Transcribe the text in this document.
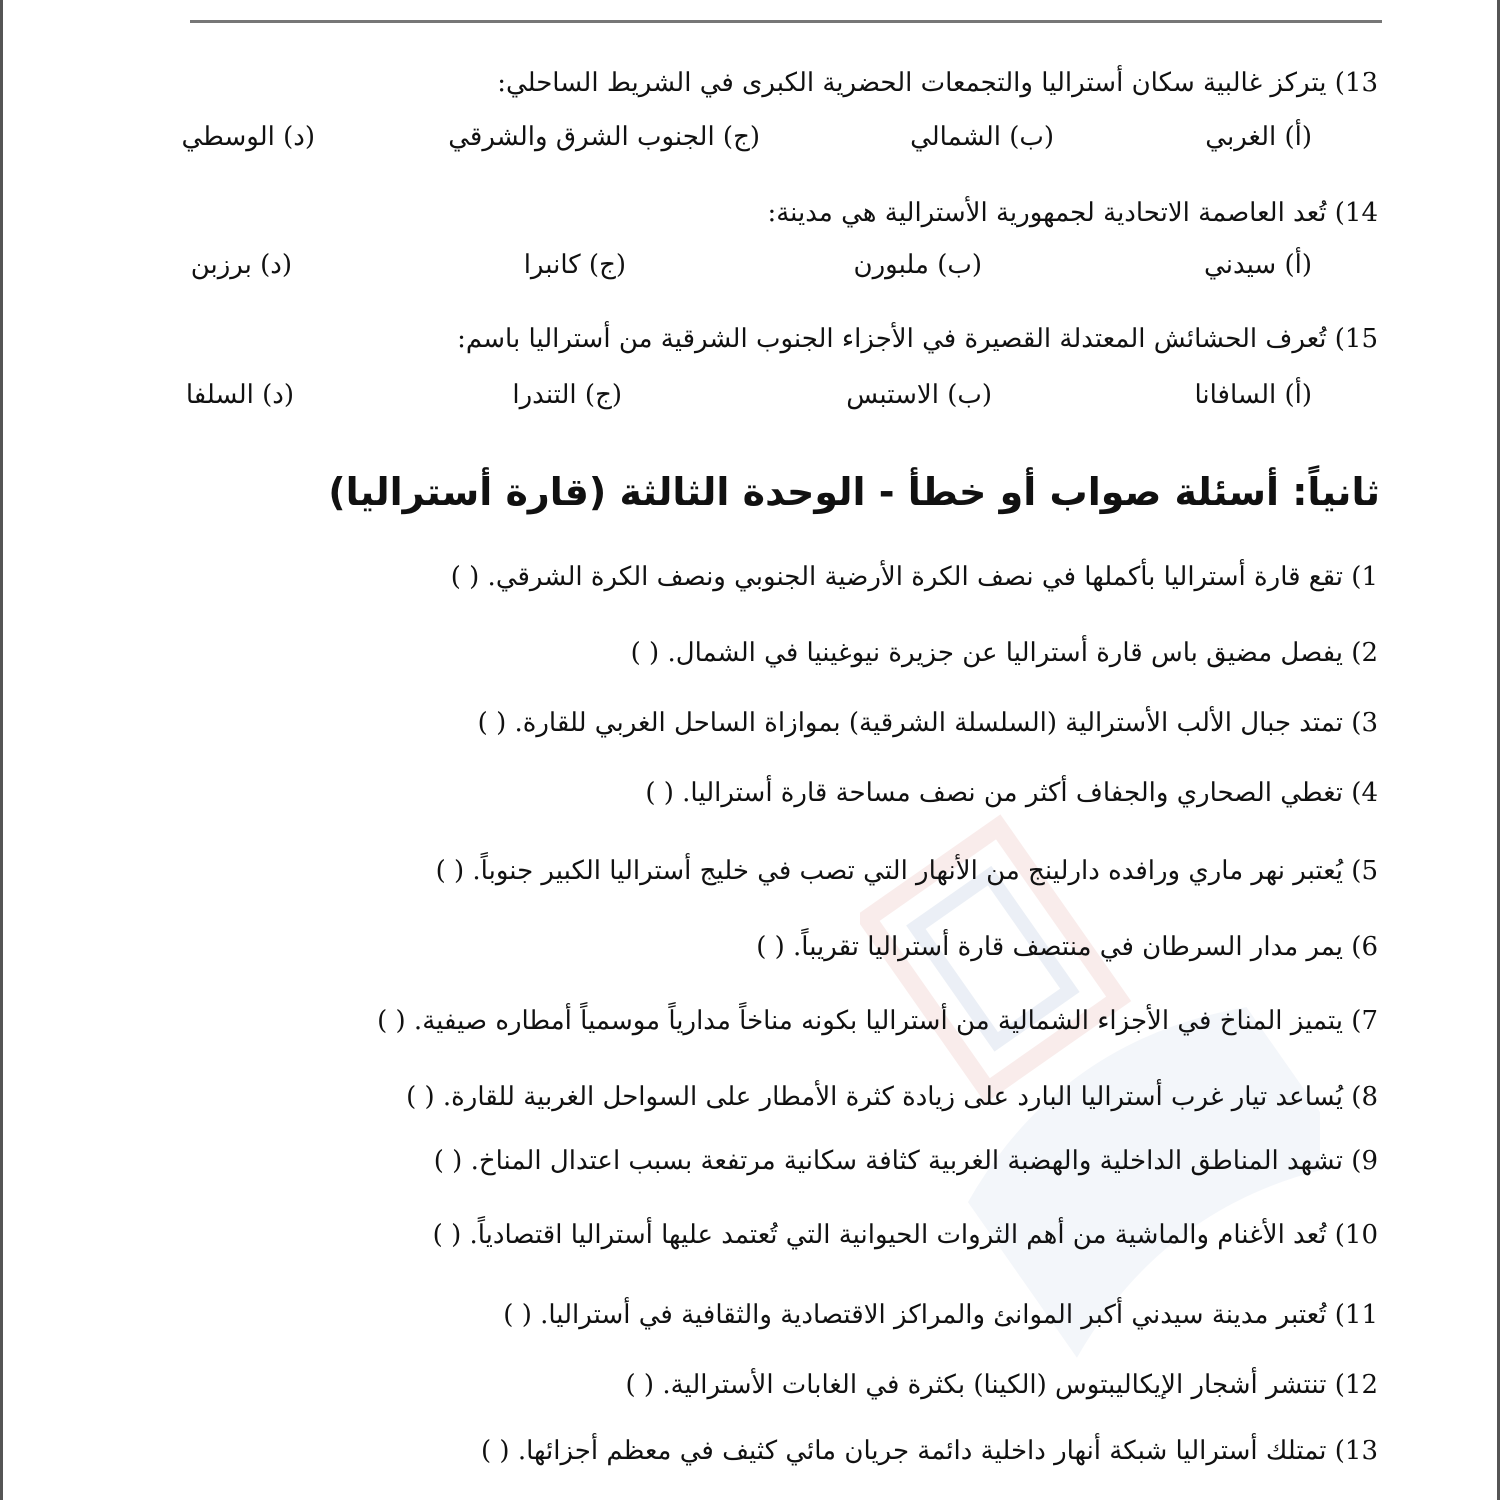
13) يتركز غالبية سكان أستراليا والتجمعات الحضرية الكبرى في الشريط الساحلي:
(أ) الغربي
(ب) الشمالي
(ج) الجنوب الشرق والشرقي
(د) الوسطي
14) تُعد العاصمة الاتحادية لجمهورية الأسترالية هي مدينة:
(أ) سيدني
(ب) ملبورن
(ج) كانبرا
(د) برزبن
15) تُعرف الحشائش المعتدلة القصيرة في الأجزاء الجنوب الشرقية من أستراليا باسم:
(أ) السافانا
(ب) الاستبس
(ج) التندرا
(د) السلفا
ثانياً: أسئلة صواب أو خطأ - الوحدة الثالثة (قارة أستراليا)
1) تقع قارة أستراليا بأكملها في نصف الكرة الأرضية الجنوبي ونصف الكرة الشرقي. ( )
2) يفصل مضيق باس قارة أستراليا عن جزيرة نيوغينيا في الشمال. ( )
3) تمتد جبال الألب الأسترالية (السلسلة الشرقية) بموازاة الساحل الغربي للقارة. ( )
4) تغطي الصحاري والجفاف أكثر من نصف مساحة قارة أستراليا. ( )
5) يُعتبر نهر ماري ورافده دارلينج من الأنهار التي تصب في خليج أستراليا الكبير جنوباً. ( )
6) يمر مدار السرطان في منتصف قارة أستراليا تقريباً. ( )
7) يتميز المناخ في الأجزاء الشمالية من أستراليا بكونه مناخاً مدارياً موسمياً أمطاره صيفية. ( )
8) يُساعد تيار غرب أستراليا البارد على زيادة كثرة الأمطار على السواحل الغربية للقارة. ( )
9) تشهد المناطق الداخلية والهضبة الغربية كثافة سكانية مرتفعة بسبب اعتدال المناخ. ( )
10) تُعد الأغنام والماشية من أهم الثروات الحيوانية التي تُعتمد عليها أستراليا اقتصادياً. ( )
11) تُعتبر مدينة سيدني أكبر الموانئ والمراكز الاقتصادية والثقافية في أستراليا. ( )
12) تنتشر أشجار الإيكاليبتوس (الكينا) بكثرة في الغابات الأسترالية. ( )
13) تمتلك أستراليا شبكة أنهار داخلية دائمة جريان مائي كثيف في معظم أجزائها. ( )
